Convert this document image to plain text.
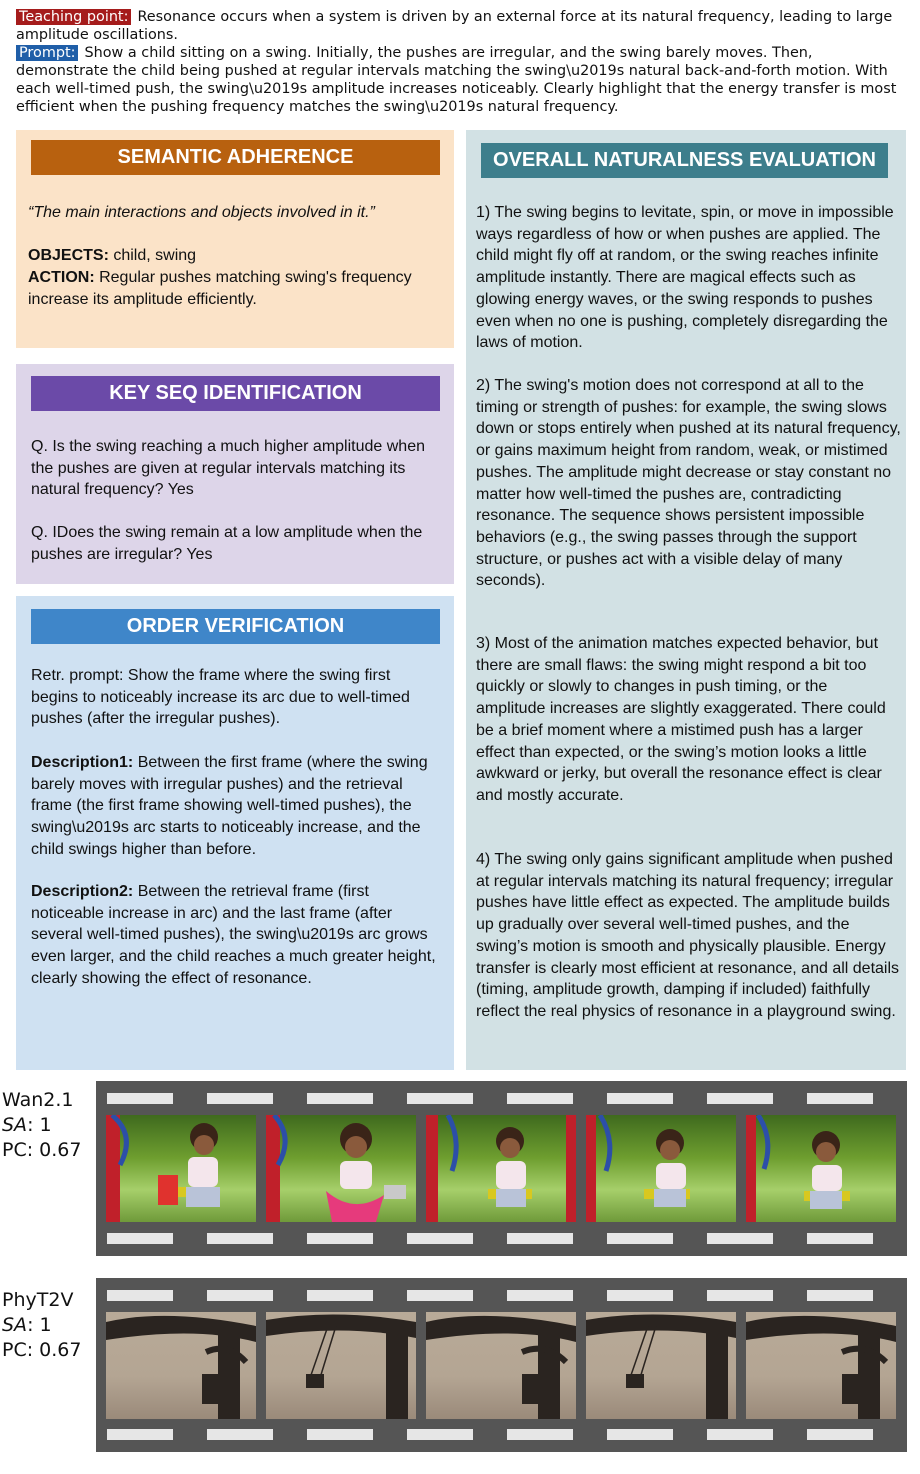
Teaching point: Resonance occurs when a system is driven by an external force at its natural frequency, leading to large amplitude oscillations.
Prompt: Show a child sitting on a swing. Initially, the pushes are irregular, and the swing barely moves. Then, demonstrate the child being pushed at regular intervals matching the swing\u2019s natural back-and-forth motion. With each well-timed push, the swing\u2019s amplitude increases noticeably. Clearly highlight that the energy transfer is most efficient when the pushing frequency matches the swing\u2019s natural frequency.
SEMANTIC ADHERENCE
“The main interactions and objects involved in it.”
OBJECTS: child, swing
ACTION: Regular pushes matching swing's frequency increase its amplitude efficiently.
KEY SEQ IDENTIFICATION
Q. Is the swing reaching a much higher amplitude when the pushes are given at regular intervals matching its natural frequency? Yes
Q. IDoes the swing remain at a low amplitude when the pushes are irregular? Yes
ORDER VERIFICATION
Retr. prompt: Show the frame where the swing first begins to noticeably increase its arc due to well-timed pushes (after the irregular pushes).
Description1: Between the first frame (where the swing barely moves with irregular pushes) and the retrieval frame (the first frame showing well-timed pushes), the swing\u2019s arc starts to noticeably increase, and the child swings higher than before.
Description2: Between the retrieval frame (first noticeable increase in arc) and the last frame (after several well-timed pushes), the swing\u2019s arc grows even larger, and the child reaches a much greater height, clearly showing the effect of resonance.
OVERALL NATURALNESS EVALUATION
1) The swing begins to levitate, spin, or move in impossible ways regardless of how or when pushes are applied. The child might fly off at random, or the swing reaches infinite amplitude instantly. There are magical effects such as glowing energy waves, or the swing responds to pushes even when no one is pushing, completely disregarding the laws of motion.
2) The swing's motion does not correspond at all to the timing or strength of pushes: for example, the swing slows down or stops entirely when pushed at its natural frequency, or gains maximum height from random, weak, or mistimed pushes. The amplitude might decrease or stay constant no matter how well-timed the pushes are, contradicting resonance. The sequence shows persistent impossible behaviors (e.g., the swing passes through the support structure, or pushes act with a visible delay of many seconds).
3) Most of the animation matches expected behavior, but there are small flaws: the swing might respond a bit too quickly or slowly to changes in push timing, or the amplitude increases are slightly exaggerated. There could be a brief moment where a mistimed push has a larger effect than expected, or the swing’s motion looks a little awkward or jerky, but overall the resonance effect is clear and mostly accurate.
4) The swing only gains significant amplitude when pushed at regular intervals matching its natural frequency; irregular pushes have little effect as expected. The amplitude builds up gradually over several well-timed pushes, and the swing’s motion is smooth and physically plausible. Energy transfer is clearly most efficient at resonance, and all details (timing, amplitude growth, damping if included) faithfully reflect the real physics of resonance in a playground swing.
Wan2.1
SA: 1
PC: 0.67
PhyT2V
SA: 1
PC: 0.67
